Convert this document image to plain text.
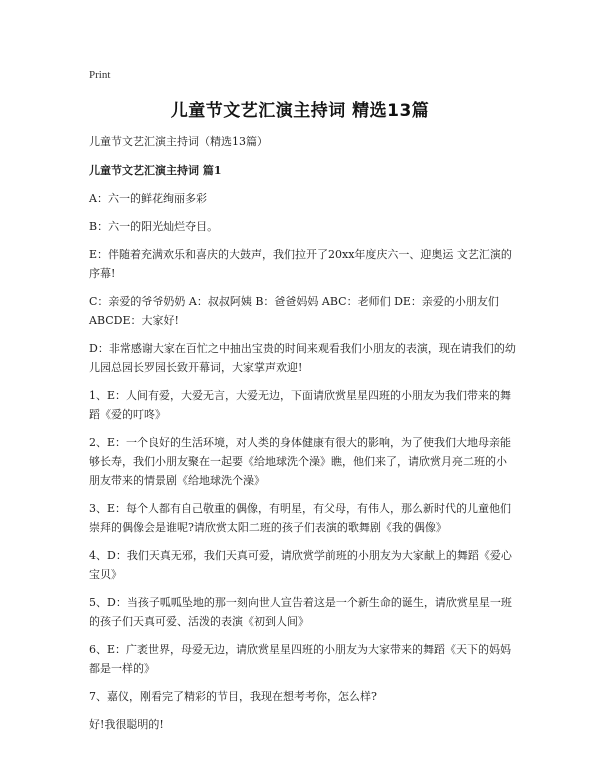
Print
儿童节文艺汇演主持词 精选13篇

儿童节文艺汇演主持词（精选13篇）

儿童节文艺汇演主持词 篇1

A：六一的鲜花绚丽多彩

B：六一的阳光灿烂夺目。

E：伴随着充满欢乐和喜庆的大鼓声，我们拉开了20xx年度庆六一、迎奥运 文艺汇演的序幕!

C：亲爱的爷爷奶奶 A：叔叔阿姨 B：爸爸妈妈 ABC：老师们 DE：亲爱的小朋友们 ABCDE：大家好!

D：非常感谢大家在百忙之中抽出宝贵的时间来观看我们小朋友的表演，现在请我们的幼儿园总园长罗园长致开幕词，大家掌声欢迎!

1、E：人间有爱，大爱无言，大爱无边，下面请欣赏星星四班的小朋友为我们带来的舞蹈《爱的叮咚》

2、E：一个良好的生活环境，对人类的身体健康有很大的影响，为了使我们大地母亲能够长寿，我们小朋友聚在一起要《给地球洗个澡》瞧，他们来了，请欣赏月亮二班的小朋友带来的情景剧《给地球洗个澡》

3、E：每个人都有自己敬重的偶像，有明星，有父母，有伟人，那么新时代的儿童他们崇拜的偶像会是谁呢?请欣赏太阳二班的孩子们表演的歌舞剧《我的偶像》

4、D：我们天真无邪，我们天真可爱，请欣赏学前班的小朋友为大家献上的舞蹈《爱心宝贝》

5、D：当孩子呱呱坠地的那一刻向世人宣告着这是一个新生命的诞生，请欣赏星星一班的孩子们天真可爱、活泼的表演《初到人间》

6、E：广袤世界，母爱无边，请欣赏星星四班的小朋友为大家带来的舞蹈《天下的妈妈都是一样的》

7、嘉仪，刚看完了精彩的节目，我现在想考考你，怎么样?

好!我很聪明的!
